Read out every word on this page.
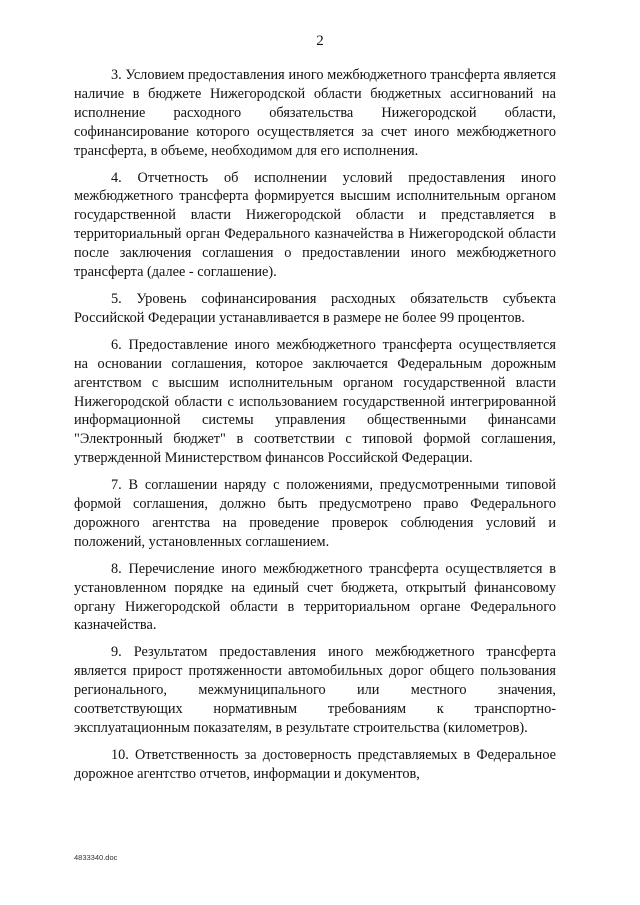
2

3. Условием предоставления иного межбюджетного трансферта является наличие в бюджете Нижегородской области бюджетных ассигнований на исполнение расходного обязательства Нижегородской области, софинансирование которого осуществляется за счет иного межбюджетного трансферта, в объеме, необходимом для его исполнения.

4. Отчетность об исполнении условий предоставления иного межбюджетного трансферта формируется высшим исполнительным органом государственной власти Нижегородской области и представляется в территориальный орган Федерального казначейства в Нижегородской области после заключения соглашения о предоставлении иного межбюджетного трансферта (далее - соглашение).

5. Уровень софинансирования расходных обязательств субъекта Российской Федерации устанавливается в размере не более 99 процентов.

6. Предоставление иного межбюджетного трансферта осуществляется на основании соглашения, которое заключается Федеральным дорожным агентством с высшим исполнительным органом государственной власти Нижегородской области с использованием государственной интегрированной информационной системы управления общественными финансами "Электронный бюджет" в соответствии с типовой формой соглашения, утвержденной Министерством финансов Российской Федерации.

7. В соглашении наряду с положениями, предусмотренными типовой формой соглашения, должно быть предусмотрено право Федерального дорожного агентства на проведение проверок соблюдения условий и положений, установленных соглашением.

8. Перечисление иного межбюджетного трансферта осуществляется в установленном порядке на единый счет бюджета, открытый финансовому органу Нижегородской области в территориальном органе Федерального казначейства.

9. Результатом предоставления иного межбюджетного трансферта является прирост протяженности автомобильных дорог общего пользования регионального, межмуниципального или местного значения, соответствующих нормативным требованиям к транспортно-эксплуатационным показателям, в результате строительства (километров).

10. Ответственность за достоверность представляемых в Федеральное дорожное агентство отчетов, информации и документов,

4833340.doc
